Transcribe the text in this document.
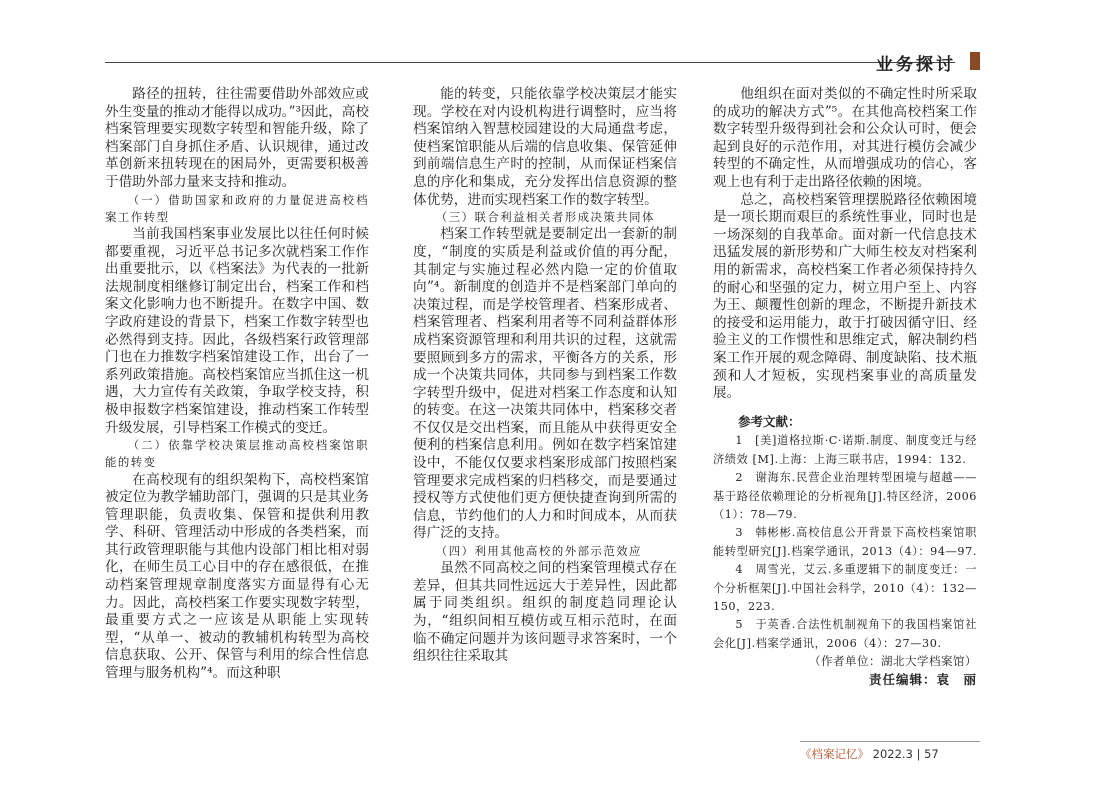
业务探讨

路径的扭转，往往需要借助外部效应或外生变量的推动才能得以成功。”³因此，高校档案管理要实现数字转型和智能升级，除了档案部门自身抓住矛盾、认识规律，通过改革创新来扭转现在的困局外，更需要积极善于借助外部力量来支持和推动。

（一）借助国家和政府的力量促进高校档案工作转型

当前我国档案事业发展比以往任何时候都要重视，习近平总书记多次就档案工作作出重要批示，以《档案法》为代表的一批新法规制度相继修订制定出台，档案工作和档案文化影响力也不断提升。在数字中国、数字政府建设的背景下，档案工作数字转型也必然得到支持。因此，各级档案行政管理部门也在力推数字档案馆建设工作，出台了一系列政策措施。高校档案馆应当抓住这一机遇，大力宣传有关政策，争取学校支持，积极申报数字档案馆建设，推动档案工作转型升级发展，引导档案工作模式的变迁。

（二）依靠学校决策层推动高校档案馆职能的转变

在高校现有的组织架构下，高校档案馆被定位为教学辅助部门，强调的只是其业务管理职能，负责收集、保管和提供利用教学、科研、管理活动中形成的各类档案，而其行政管理职能与其他内设部门相比相对弱化，在师生员工心目中的存在感很低，在推动档案管理规章制度落实方面显得有心无力。因此，高校档案工作要实现数字转型，最重要方式之一应该是从职能上实现转型，“从单一、被动的教辅机构转型为高校信息获取、公开、保管与利用的综合性信息管理与服务机构”⁴。而这种职

能的转变，只能依靠学校决策层才能实现。学校在对内设机构进行调整时，应当将档案馆纳入智慧校园建设的大局通盘考虑，使档案馆职能从后端的信息收集、保管延伸到前端信息生产时的控制，从而保证档案信息的序化和集成，充分发挥出信息资源的整体优势，进而实现档案工作的数字转型。

（三）联合利益相关者形成决策共同体

档案工作转型就是要制定出一套新的制度，“制度的实质是利益或价值的再分配，其制定与实施过程必然内隐一定的价值取向”⁴。新制度的创造并不是档案部门单向的决策过程，而是学校管理者、档案形成者、档案管理者、档案利用者等不同利益群体形成档案资源管理和利用共识的过程，这就需要照顾到多方的需求，平衡各方的关系，形成一个决策共同体，共同参与到档案工作数字转型升级中，促进对档案工作态度和认知的转变。在这一决策共同体中，档案移交者不仅仅是交出档案，而且能从中获得更安全便利的档案信息利用。例如在数字档案馆建设中，不能仅仅要求档案形成部门按照档案管理要求完成档案的归档移交，而是要通过授权等方式使他们更方便快捷查询到所需的信息，节约他们的人力和时间成本，从而获得广泛的支持。

（四）利用其他高校的外部示范效应

虽然不同高校之间的档案管理模式存在差异，但其共同性远远大于差异性，因此都属于同类组织。组织的制度趋同理论认为，“组织间相互模仿或互相示范时，在面临不确定问题并为该问题寻求答案时，一个组织往往采取其

他组织在面对类似的不确定性时所采取的成功的解决方式”⁵。在其他高校档案工作数字转型升级得到社会和公众认可时，便会起到良好的示范作用，对其进行模仿会减少转型的不确定性，从而增强成功的信心，客观上也有利于走出路径依赖的困境。

总之，高校档案管理摆脱路径依赖困境是一项长期而艰巨的系统性事业，同时也是一场深刻的自我革命。面对新一代信息技术迅猛发展的新形势和广大师生校友对档案利用的新需求，高校档案工作者必须保持持久的耐心和坚强的定力，树立用户至上、内容为王、颠覆性创新的理念，不断提升新技术的接受和运用能力，敢于打破因循守旧、经验主义的工作惯性和思维定式，解决制约档案工作开展的观念障碍、制度缺陷、技术瓶颈和人才短板，实现档案事业的高质量发展。

参考文献：

1　[美]道格拉斯·C·诺斯.制度、制度变迁与经济绩效 [M].上海：上海三联书店，1994：132.

2　谢海东.民营企业治理转型困境与超越——基于路径依赖理论的分析视角[J].特区经济，2006（1）：78—79.

3　韩彬彬.高校信息公开背景下高校档案馆职能转型研究[J].档案学通讯，2013（4）：94—97.

4　周雪光，艾云.多重逻辑下的制度变迁：一个分析框架[J].中国社会科学，2010（4）：132—150，223.

5　于英香.合法性机制视角下的我国档案馆社会化[J].档案学通讯，2006（4）：27—30.

（作者单位：湖北大学档案馆）

责任编辑：袁　丽

《档案记忆》 2022.3 | 57
